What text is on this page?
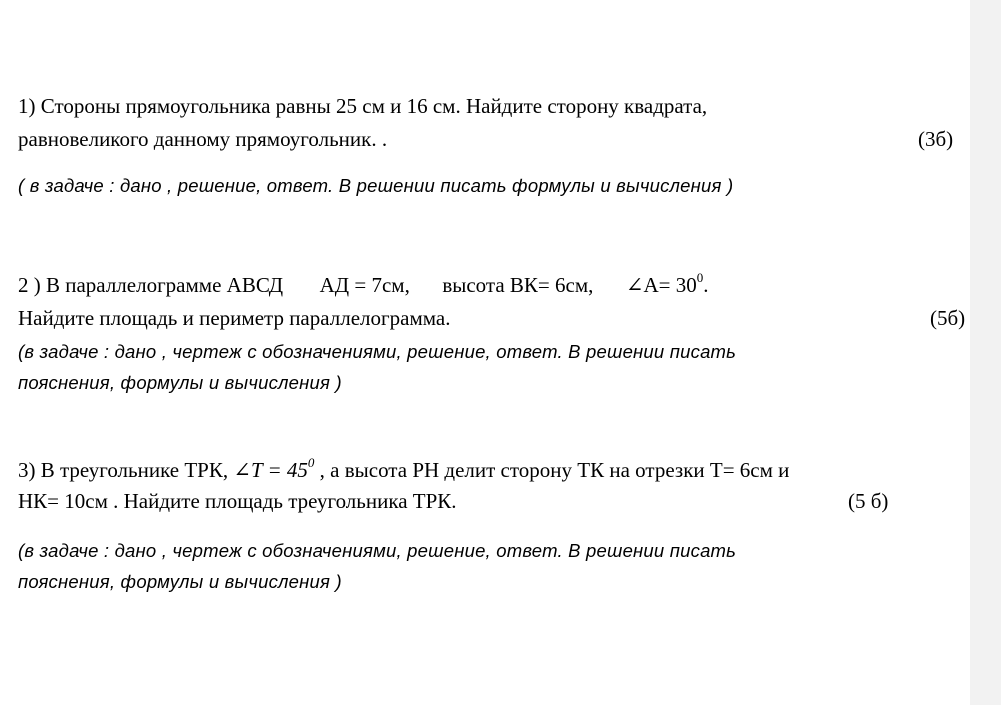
1) Стороны прямоугольника равны 25 см и 16 см. Найдите сторону квадрата,
равновеликого данному прямоугольник. .	(3б)
( в задаче : дано , решение, ответ. В решении писать формулы и вычисления )
2 ) В параллелограмме АВСД АД = 7см, высота ВК= 6см, ∠А= $30^0$.
Найдите площадь и периметр параллелограмма.	(5б)
(в задаче : дано , чертеж с обозначениями, решение, ответ. В решении писать
пояснения, формулы и вычисления )
3) В треугольнике ТРК, ∠T = $45^0$ , а высота РН делит сторону ТК на отрезки Т= 6см и
НК= 10см . Найдите площадь треугольника ТРК.	(5 б)
(в задаче : дано , чертеж с обозначениями, решение, ответ. В решении писать
пояснения, формулы и вычисления )
